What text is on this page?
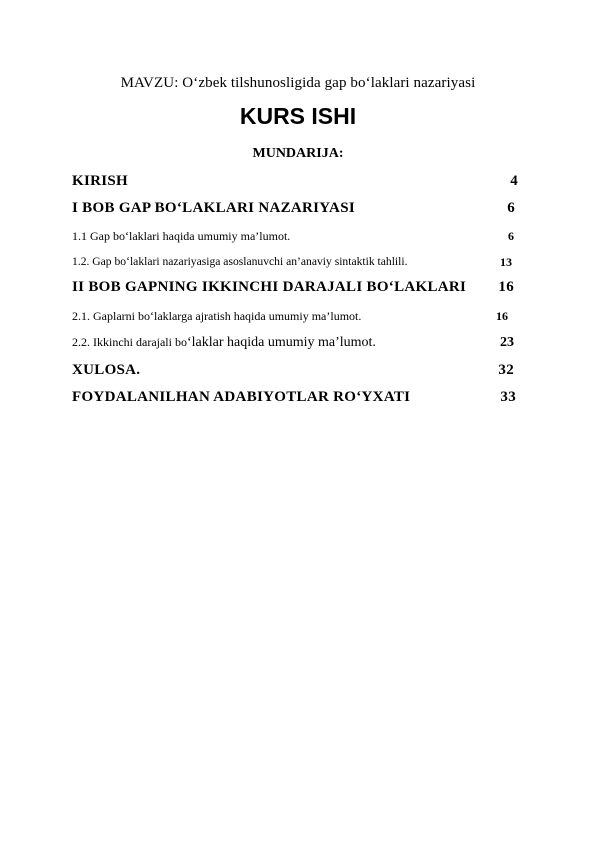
MAVZU: O‘zbek tilshunosligida gap bo‘laklari nazariyasi
KURS ISHI
MUNDARIJA:
KIRISH	4
I BOB GAP BO‘LAKLARI NAZARIYASI	6
1.1 Gap bo‘laklari haqida umumiy ma’lumot.	6
1.2. Gap bo‘laklari nazariyasiga asoslanuvchi an’anaviy sintaktik tahlili.	13
II BOB GAPNING IKKINCHI DARAJALI BO‘LAKLARI 16
2.1. Gaplarni bo‘laklarga ajratish haqida umumiy ma’lumot.	16
2.2. Ikkinchi darajali bo‘laklar haqida umumiy ma’lumot.	23
XULOSA.	32
FOYDALANILHAN ADABIYOTLAR RO‘YXATI	33
